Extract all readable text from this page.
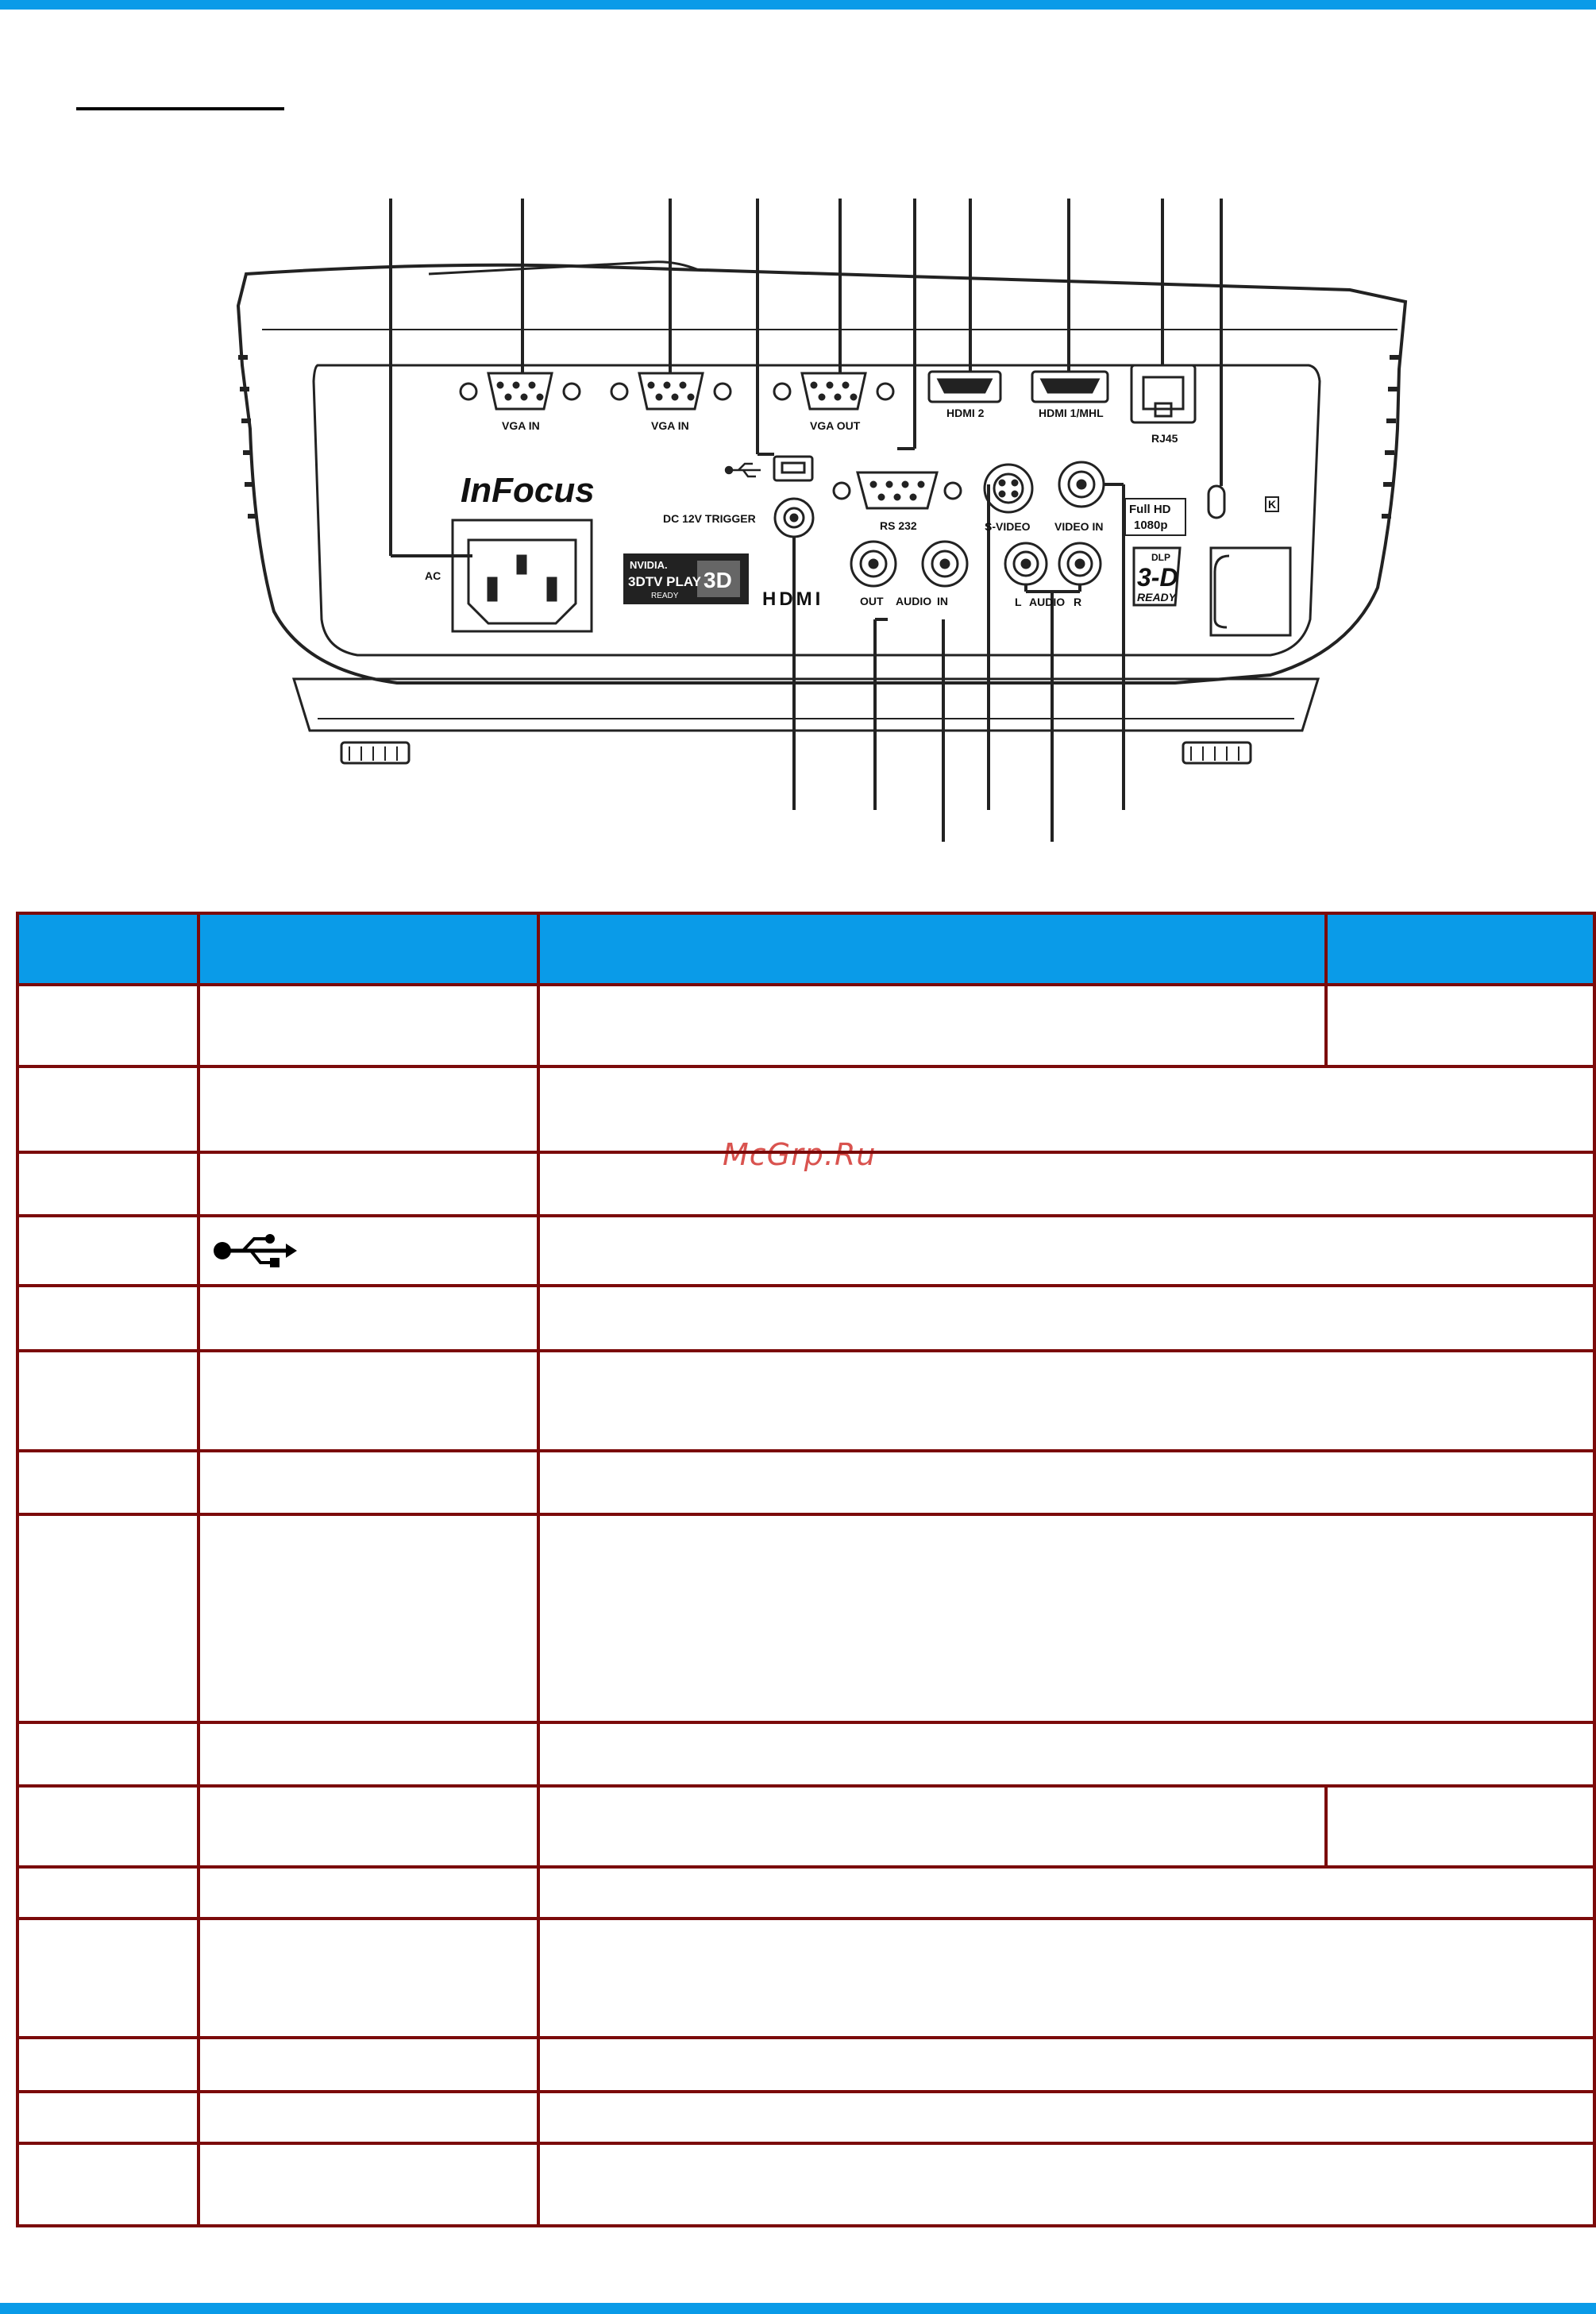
InFocus
NVIDIA.
3DTV PLAY
READY
3D
HDMI
Full HD
1080p
DLP
3-D
READY
VGA IN	VGA IN	VGA OUT
HDMI 2	HDMI 1/MHL
RJ45
RS 232
DC 12V TRIGGER
S-VIDEO VIDEO IN
AC
OUT AUDIO IN	L AUDIO R
K
McGrp.Ru
